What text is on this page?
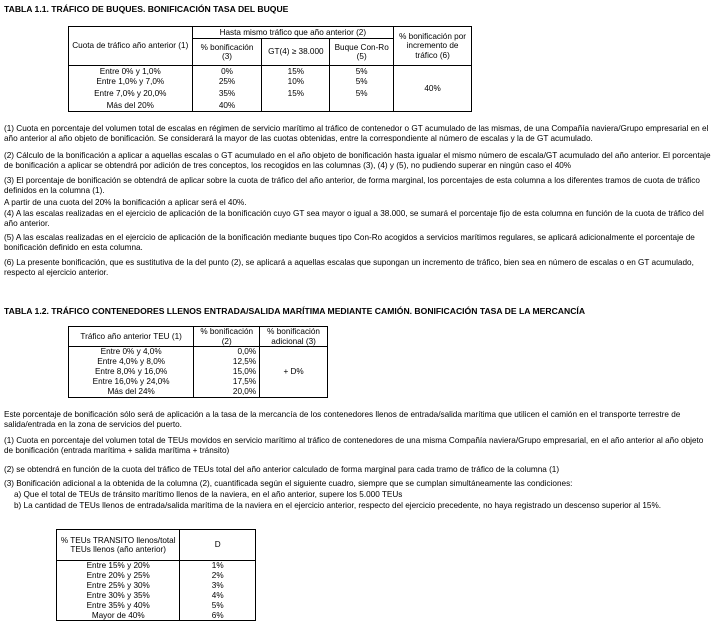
TABLA 1.1. TRÁFICO DE BUQUES. BONIFICACIÓN TASA DEL BUQUE
Cuota de tráfico año anterior (1)	Hasta mismo tráfico que año anterior (2)			% bonificación por incremento de tráfico (6)
	% bonificación (3)	GT(4) ≥ 38.000	Buque Con-Ro (5)	
Entre 0% y 1,0%	0%	15%	5%	40%
Entre 1,0% y 7,0%	25%	10%	5%	
Entre 7,0% y 20,0%	35%	15%	5%	
Más del 20%	40%			
(1) Cuota en porcentaje del volumen total de escalas en régimen de servicio marítimo al tráfico de contenedor o GT acumulado de las mismas, de una Compañía naviera/Grupo empresarial en el año anterior al año objeto de bonificación. Se considerará la mayor de las cuotas obtenidas, entre la correspondiente al número de escalas y la de GT acumulado.
(2) Cálculo de la bonificación a aplicar a aquellas escalas o GT acumulado en el año objeto de bonificación hasta igualar el mismo número de escala/GT acumulado del año anterior. El porcentaje de bonificación a aplicar se obtendrá por adición de tres conceptos, los recogidos en las columnas (3), (4) y (5), no pudiendo superar en ningún caso el 40%
(3) El porcentaje de bonificación se obtendrá de aplicar sobre la cuota de tráfico del año anterior, de forma marginal, los porcentajes de esta columna a los diferentes tramos de cuota de tráfico definidos en la columna (1).
A partir de una cuota del 20% la bonificación a aplicar será el 40%.
(4) A las escalas realizadas en el ejercicio de aplicación de la bonificación cuyo GT sea mayor o igual a 38.000, se sumará el porcentaje fijo de esta columna en función de la cuota de tráfico del año anterior.
(5) A las escalas realizadas en el ejercicio de aplicación de la bonificación mediante buques tipo Con-Ro acogidos a servicios marítimos regulares, se aplicará adicionalmente el porcentaje de bonificación definido en esta columna.
(6) La presente bonificación, que es sustitutiva de la del punto (2), se aplicará a aquellas escalas que supongan un incremento de tráfico, bien sea en número de escalas o en GT acumulado, respecto al ejercicio anterior.
TABLA 1.2. TRÁFICO CONTENEDORES LLENOS ENTRADA/SALIDA MARÍTIMA MEDIANTE CAMIÓN. BONIFICACIÓN TASA DE LA MERCANCÍA
Tráfico año anterior TEU (1)	% bonificación (2)	% bonificación adicional (3)
Entre 0% y 4,0%	0,0%	+ D%
Entre 4,0% y 8,0%	12,5%	
Entre 8,0% y 16,0%	15,0%	
Entre 16,0% y 24,0%	17,5%	
Más del 24%	20,0%	
Este porcentaje de bonificación sólo será de aplicación a la tasa de la mercancía de los contenedores llenos de entrada/salida marítima que utilicen el camión en el transporte terrestre de salida/entrada en la zona de servicios del puerto.
(1) Cuota en porcentaje del volumen total de TEUs movidos en servicio marítimo al tráfico de contenedores de una misma Compañía naviera/Grupo empresarial, en el año anterior al año objeto de bonificación (entrada marítima + salida marítima + tránsito)
(2) se obtendrá en función de la cuota del tráfico de TEUs total del año anterior calculado de forma marginal para cada tramo de tráfico de la columna (1)
(3) Bonificación adicional a la obtenida de la columna (2), cuantificada según el siguiente cuadro, siempre que se cumplan simultáneamente las condiciones:
a) Que el total de TEUs de tránsito marítimo llenos de la naviera, en el año anterior, supere los 5.000 TEUs
b) La cantidad de TEUs llenos de entrada/salida marítima de la naviera en el ejercicio anterior, respecto del ejercicio precedente, no haya registrado un descenso superior al 15%.
% TEUs TRANSITO llenos/total TEUs llenos (año anterior)	D
Entre 15% y 20%	1%
Entre 20% y 25%	2%
Entre 25% y 30%	3%
Entre 30% y 35%	4%
Entre 35% y 40%	5%
Mayor de 40%	6%
